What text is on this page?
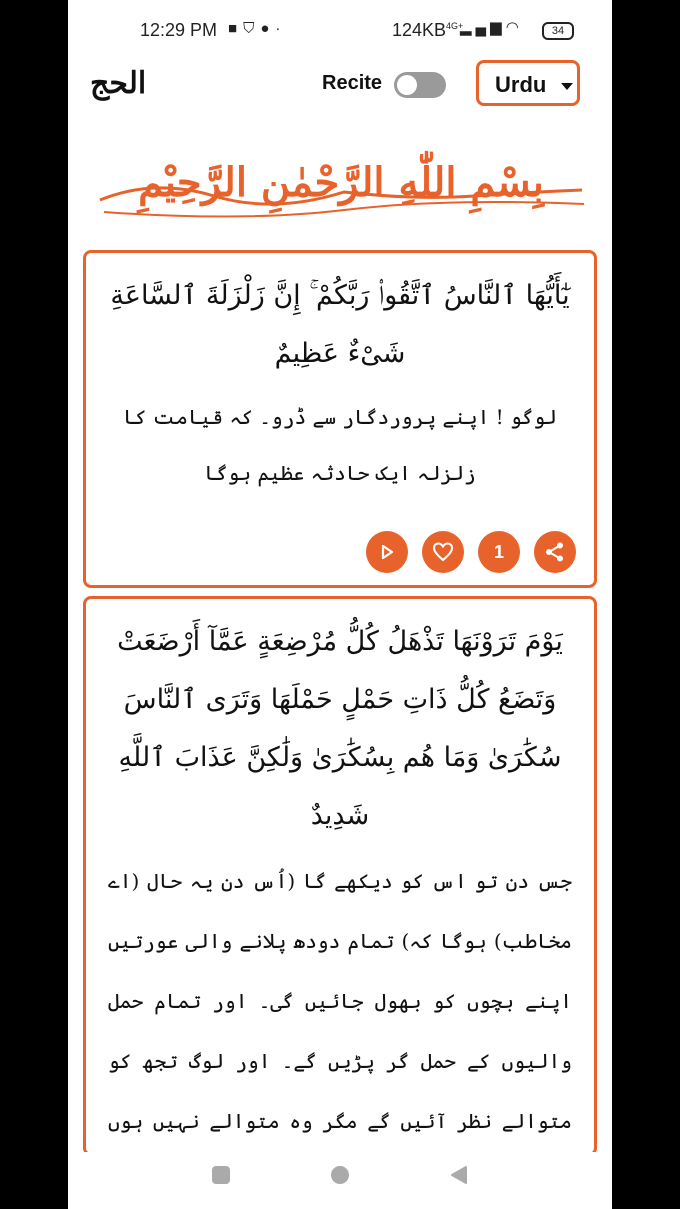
12:29 PM ■⛉●·	$124KB^{4G+}$
▂▄▆◠	34
الحج	Recite	Urdu
بِسْمِ اللّٰهِ الرَّحْمٰنِ الرَّحِيْمِ
يٰٓأَيُّهَا ٱلنَّاسُ ٱتَّقُوا۟ رَبَّكُمْ ۚ إِنَّ زَلْزَلَةَ ٱلسَّاعَةِ شَىْءٌ عَظِيمٌ
لوگو ! اپنے پروردگار سے ڈرو۔ کہ قیامت کا زلزلہ ایک حادثہ عظیم ہوگا
1
يَوْمَ تَرَوْنَهَا تَذْهَلُ كُلُّ مُرْضِعَةٍ عَمَّآ أَرْضَعَتْ وَتَضَعُ كُلُّ ذَاتِ حَمْلٍ حَمْلَهَا وَتَرَى ٱلنَّاسَ سُكَٰرَىٰ وَمَا هُم بِسُكَٰرَىٰ وَلَٰكِنَّ عَذَابَ ٱللَّهِ شَدِيدٌ
جس دن تو اس کو دیکھے گا (اُس دن یہ حال (اے مخاطب) ہوگا کہ) تمام دودھ پلانے والی عورتیں اپنے بچوں کو بھول جائیں گی۔ اور تمام حمل والیوں کے حمل گر پڑیں گے۔ اور لوگ تجھ کو متوالے نظر آئیں گے مگر وہ متوالے نہیں ہوں
